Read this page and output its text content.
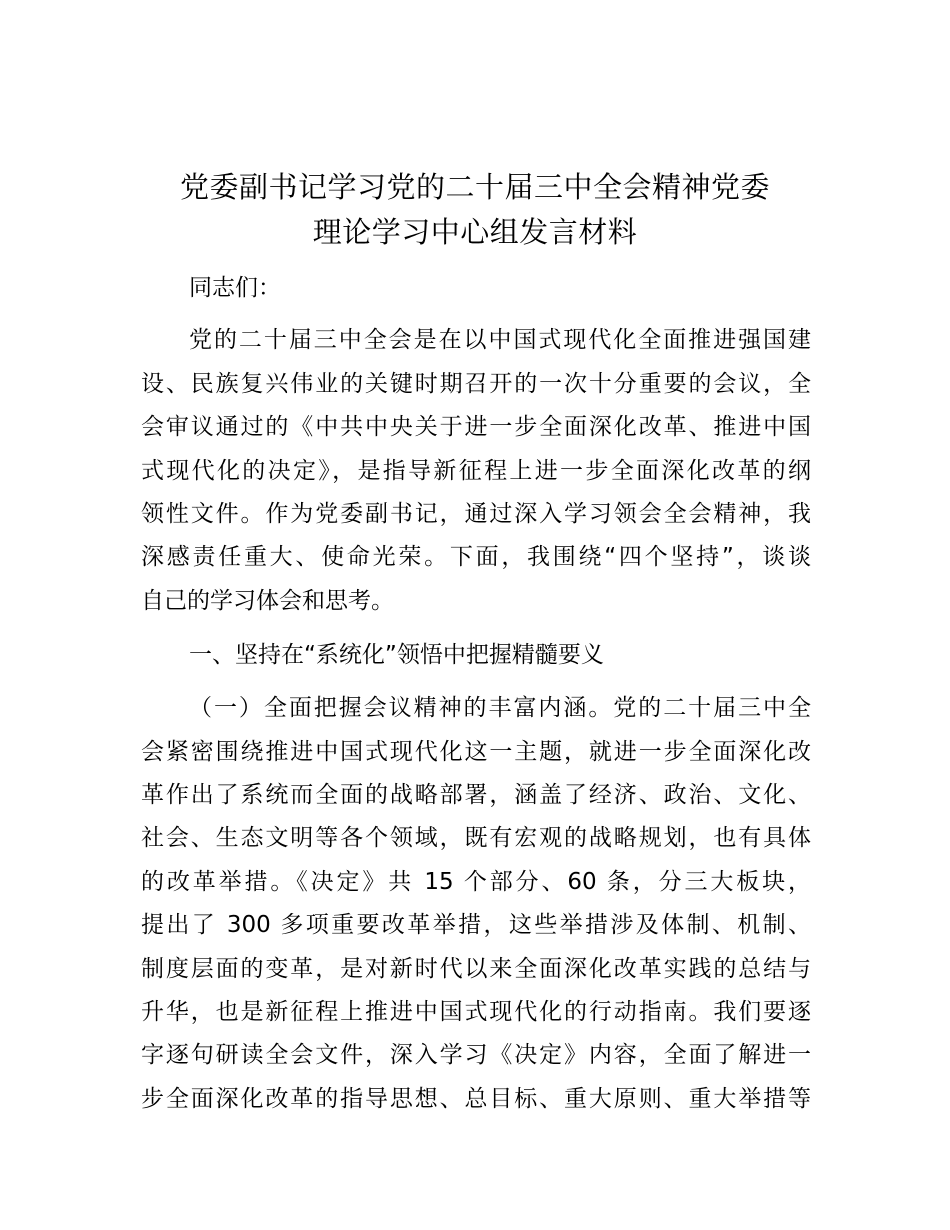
党委副书记学习党的二十届三中全会精神党委
理论学习中心组发言材料
同志们：
党的二十届三中全会是在以中国式现代化全面推进强国建
设、民族复兴伟业的关键时期召开的一次十分重要的会议，全
会审议通过的《中共中央关于进一步全面深化改革、推进中国
式现代化的决定》，是指导新征程上进一步全面深化改革的纲
领性文件。作为党委副书记，通过深入学习领会全会精神，我
深感责任重大、使命光荣。下面，我围绕“四个坚持”，谈谈
自己的学习体会和思考。
一、坚持在“系统化”领悟中把握精髓要义
（一）全面把握会议精神的丰富内涵。党的二十届三中全
会紧密围绕推进中国式现代化这一主题，就进一步全面深化改
革作出了系统而全面的战略部署，涵盖了经济、政治、文化、
社会、生态文明等各个领域，既有宏观的战略规划，也有具体
的改革举措。《决定》共 15 个部分、60 条，分三大板块，
提出了 300 多项重要改革举措，这些举措涉及体制、机制、
制度层面的变革，是对新时代以来全面深化改革实践的总结与
升华，也是新征程上推进中国式现代化的行动指南。我们要逐
字逐句研读全会文件，深入学习《决定》内容，全面了解进一
步全面深化改革的指导思想、总目标、重大原则、重大举措等
